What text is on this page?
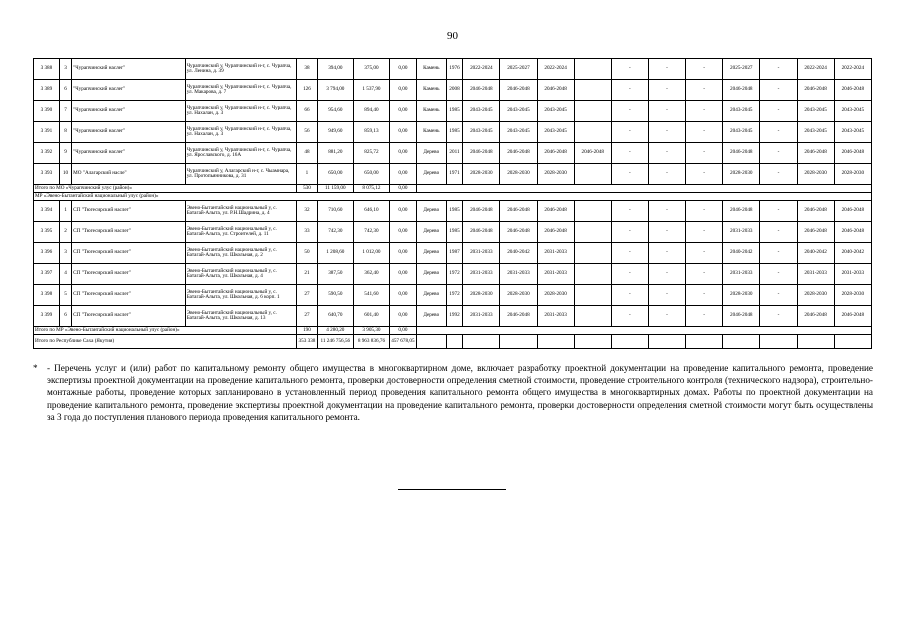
90
3 388	3	"Чурапчинский наслег"	Чурапчинский у, Чурапчинский н-г, с. Чурапча, ул. Ленина, д. 39	38	394,00	375,00	0,00	Камень	1976	2022-2024	2025-2027	2022-2024		-	-	-	2025-2027	-	2022-2024	2022-2024
3 389	6	"Чурапчинский наслег"	Чурапчинский у, Чурапчинский н-г, с. Чурапча, ул. Макарова, д. 7	126	3 794,00	1 537,90	0,00	Камень	2008	2046-2048	2046-2048	2046-2048		-	-	-	2046-2048	-	2046-2048	2046-2048
3 390	7	"Чурапчинский наслег"	Чурапчинский у, Чурапчинский н-г, с. Чурапча, ул. Нахалан, д. 3	66	954,60	894,40	0,00	Камень	1985	2043-2045	2043-2045	2043-2045		-	-	-	2043-2045	-	2043-2045	2043-2045
3 391	8	"Чурапчинский наслег"	Чурапчинский у, Чурапчинский н-г, с. Чурапча, ул. Нахалан, д. 3	56	949,60	859,13	0,00	Камень	1985	2043-2045	2043-2045	2043-2045		-	-	-	2043-2045	-	2043-2045	2043-2045
3 392	9	"Чурапчинский наслег"	Чурапчинский у, Чурапчинский н-г, с. Чурапча, ул. Ярославского, д. 16А	48	881,20	825,72	0,00	Дерево	2011	2046-2048	2046-2048	2046-2048	2046-2048	-	-	-	2046-2048	-	2046-2048	2046-2048
3 393	10	МО "Алагарский насле"	Чурапчинский у, Алагарский н-г, с. Чыамнара, ул. Протопьянникова, д. 31	1	650,00	650,00	0,00	Дерево	1971	2028-2030	2028-2030	2028-2030		-	-	-	2028-2030	-	2028-2030	2028-2030
Итого по МО «Чурапчинский улус (район)»				530	11 159,00	8 075,12	0,00													
МР «Эвено-Бытантайский национальный улус (район)»																				
3 394	1	СП "Тюгесирский наслег"	Эвено-Бытантайский национальный у, с. Батагай-Алыта, ул. Р.Н.Шадрина, д. 4	32	710,60	646,10	0,00	Дерево	1985	2046-2048	2046-2048	2046-2048		-	-	-	2046-2048	-	2046-2048	2046-2048
3 395	2	СП "Тюгесирский наслег"	Эвено-Бытантайский национальный у, с. Батагай-Алыта, ул. Строителей, д. 11	33	742,30	742,30	0,00	Дерево	1985	2046-2048	2046-2048	2046-2048		-	-	-	2031-2033	-	2046-2048	2046-2048
3 396	3	СП "Тюгесирский наслег"	Эвено-Бытантайский национальный у, с. Батагай-Алыта, ул. Школьная, д. 2	50	1 208,60	1 012,00	0,00	Дерево	1987	2031-2033	2040-2042	2031-2033		-	-	-	2040-2042	-	2040-2042	2040-2042
3 397	4	СП "Тюгесирский наслег"	Эвено-Бытантайский национальный у, с. Батагай-Алыта, ул. Школьная, д. 4	21	387,50	362,40	0,00	Дерево	1972	2031-2033	2031-2033	2031-2033		-	-	-	2031-2033	-	2031-2033	2031-2033
3 398	5	СП "Тюгесирский наслег"	Эвено-Бытантайский национальный у, с. Батагай-Алыта, ул. Школьная, д. 6 корп. 1	27	590,50	541,60	0,00	Дерево	1972	2028-2030	2028-2030	2028-2030		-	-	-	2028-2030	-	2028-2030	2028-2030
3 399	6	СП "Тюгесирский наслег"	Эвено-Бытантайский национальный у, с. Батагай-Алыта, ул. Школьная, д. 13	27	640,70	601,40	0,00	Дерево	1992	2031-2033	2046-2048	2031-2033		-	-	-	2046-2048	-	2046-2048	2046-2048
Итого по МР «Эвено-Бытантайский национальный улус (район)»				190	4 280,20	3 905,30	0,00													
Итого по Республике Саха (Якутия)				353 338	11 246 756,56	8 963 836,76	457 678,05													
*	- Перечень услуг и (или) работ по капитальному ремонту общего имущества в многоквартирном доме, включает разработку проектной документации на проведение капитального ремонта, проведение экспертизы проектной документации на проведение капитального ремонта, проверки достоверности определения сметной стоимости, проведение строительного контроля (технического надзора), строительно-монтажные работы, проведение которых запланировано в установленный период проведения капитального ремонта общего имущества в многоквартирных домах. Работы по проектной документации на проведение капитального ремонта, проведение экспертизы проектной документации на проведение капитального ремонта, проверки достоверности определения сметной стоимости могут быть осуществлены за 3 года до поступления планового периода проведения капитального ремонта.
